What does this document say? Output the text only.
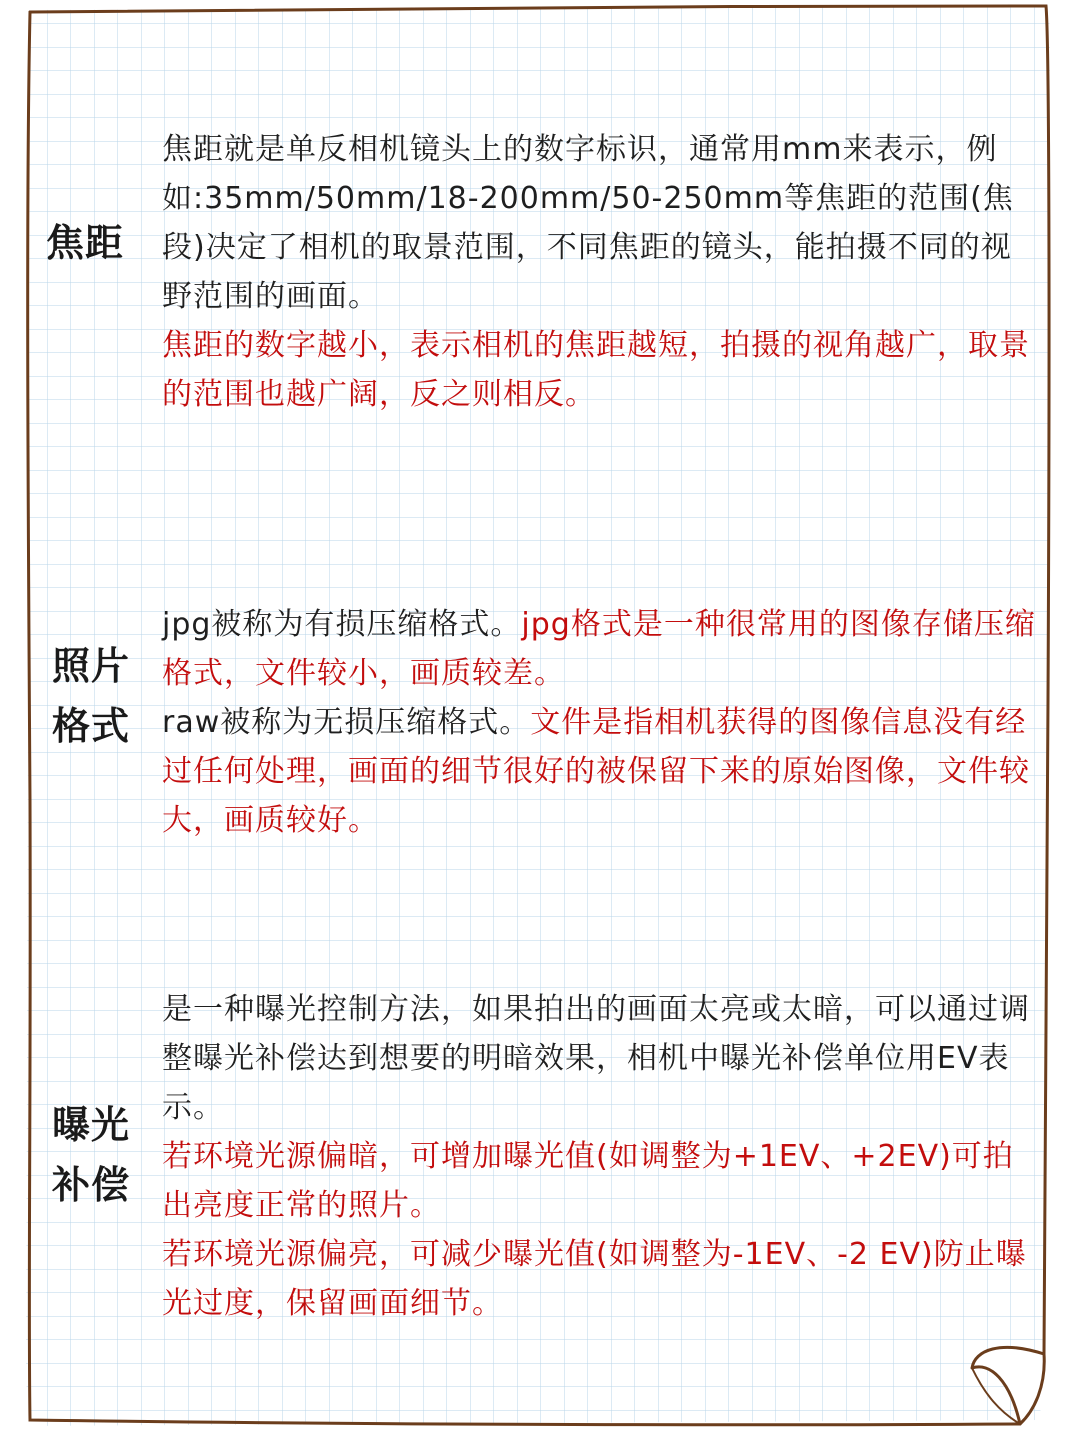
焦距
焦距就是单反相机镜头上的数字标识，通常用mm来表示，例如:35mm/50mm/18-200mm/50-250mm等焦距的范围(焦段)决定了相机的取景范围，不同焦距的镜头，能拍摄不同的视野范围的画面。
焦距的数字越小，表示相机的焦距越短，拍摄的视角越广，取景的范围也越广阔，反之则相反。
照片格式
jpg被称为有损压缩格式。jpg格式是一种很常用的图像存储压缩格式，文件较小，画质较差。
raw被称为无损压缩格式。文件是指相机获得的图像信息没有经过任何处理，画面的细节很好的被保留下来的原始图像，文件较大，画质较好。
曝光补偿
是一种曝光控制方法，如果拍出的画面太亮或太暗，可以通过调整曝光补偿达到想要的明暗效果，相机中曝光补偿单位用EV表示。
若环境光源偏暗，可增加曝光值(如调整为+1EV、+2EV)可拍出亮度正常的照片。
若环境光源偏亮，可减少曝光值(如调整为-1EV、-2 EV)防止曝光过度，保留画面细节。
